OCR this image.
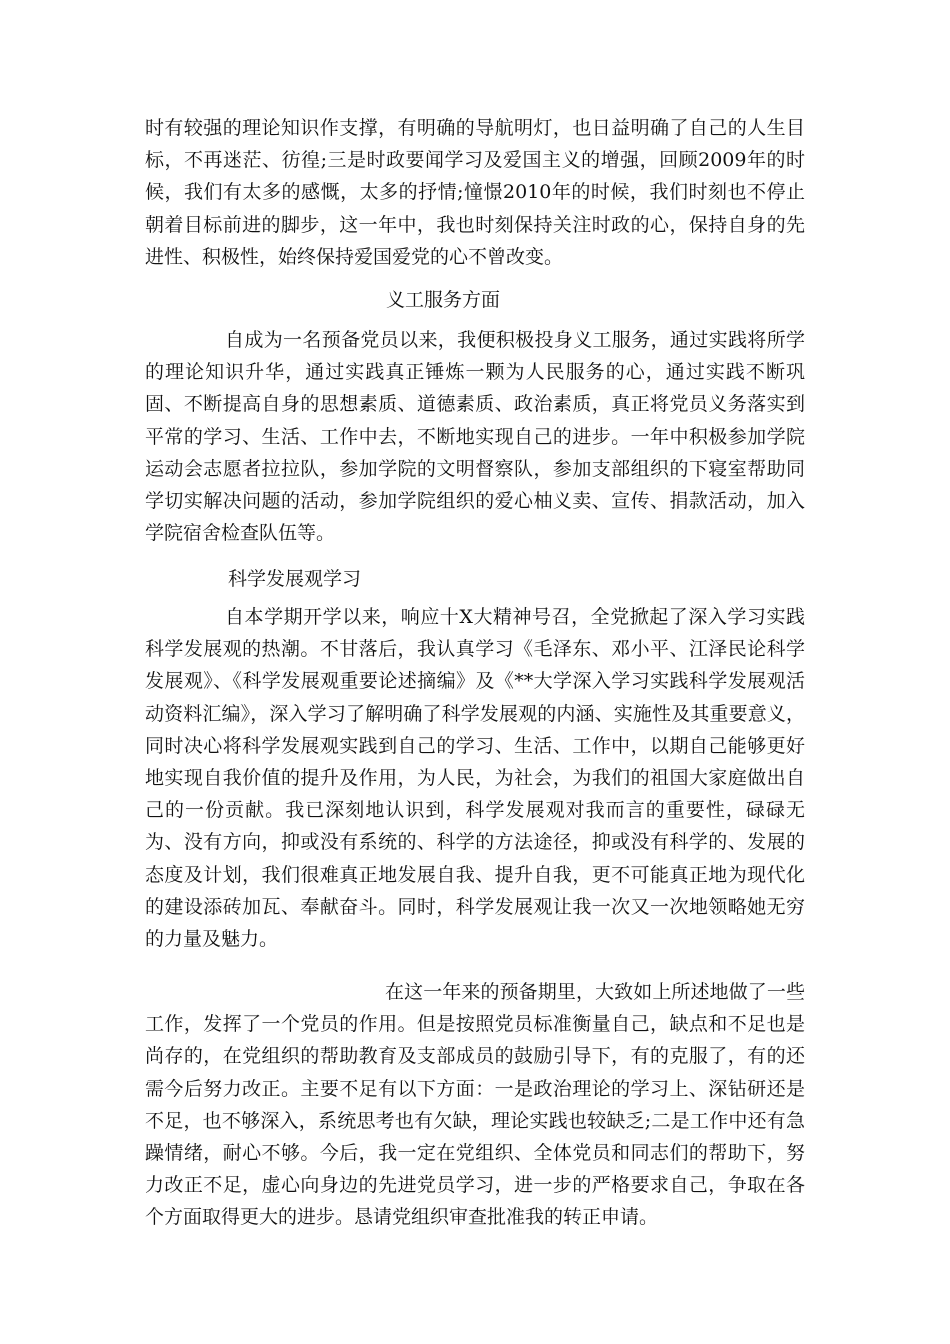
时有较强的理论知识作支撑，有明确的导航明灯，也日益明确了自己的人生目标，不再迷茫、彷徨;三是时政要闻学习及爱国主义的增强，回顾2009年的时候，我们有太多的感慨，太多的抒情;憧憬2010年的时候，我们时刻也不停止朝着目标前进的脚步，这一年中，我也时刻保持关注时政的心，保持自身的先进性、积极性，始终保持爱国爱党的心不曾改变。

义工服务方面

自成为一名预备党员以来，我便积极投身义工服务，通过实践将所学的理论知识升华，通过实践真正锤炼一颗为人民服务的心，通过实践不断巩固、不断提高自身的思想素质、道德素质、政治素质，真正将党员义务落实到平常的学习、生活、工作中去，不断地实现自己的进步。一年中积极参加学院运动会志愿者拉拉队，参加学院的文明督察队，参加支部组织的下寝室帮助同学切实解决问题的活动，参加学院组织的爱心柚义卖、宣传、捐款活动，加入学院宿舍检查队伍等。

科学发展观学习

自本学期开学以来，响应十X大精神号召，全党掀起了深入学习实践科学发展观的热潮。不甘落后，我认真学习《毛泽东、邓小平、江泽民论科学发展观》、《科学发展观重要论述摘编》及《**大学深入学习实践科学发展观活动资料汇编》，深入学习了解明确了科学发展观的内涵、实施性及其重要意义，同时决心将科学发展观实践到自己的学习、生活、工作中，以期自己能够更好地实现自我价值的提升及作用，为人民，为社会，为我们的祖国大家庭做出自己的一份贡献。我已深刻地认识到，科学发展观对我而言的重要性，碌碌无为、没有方向，抑或没有系统的、科学的方法途径，抑或没有科学的、发展的态度及计划，我们很难真正地发展自我、提升自我，更不可能真正地为现代化的建设添砖加瓦、奉献奋斗。同时，科学发展观让我一次又一次地领略她无穷的力量及魅力。

在这一年来的预备期里，大致如上所述地做了一些工作，发挥了一个党员的作用。但是按照党员标准衡量自己，缺点和不足也是尚存的，在党组织的帮助教育及支部成员的鼓励引导下，有的克服了，有的还需今后努力改正。主要不足有以下方面：一是政治理论的学习上、深钻研还是不足，也不够深入，系统思考也有欠缺，理论实践也较缺乏;二是工作中还有急躁情绪，耐心不够。今后，我一定在党组织、全体党员和同志们的帮助下，努力改正不足，虚心向身边的先进党员学习，进一步的严格要求自己，争取在各个方面取得更大的进步。恳请党组织审查批准我的转正申请。
